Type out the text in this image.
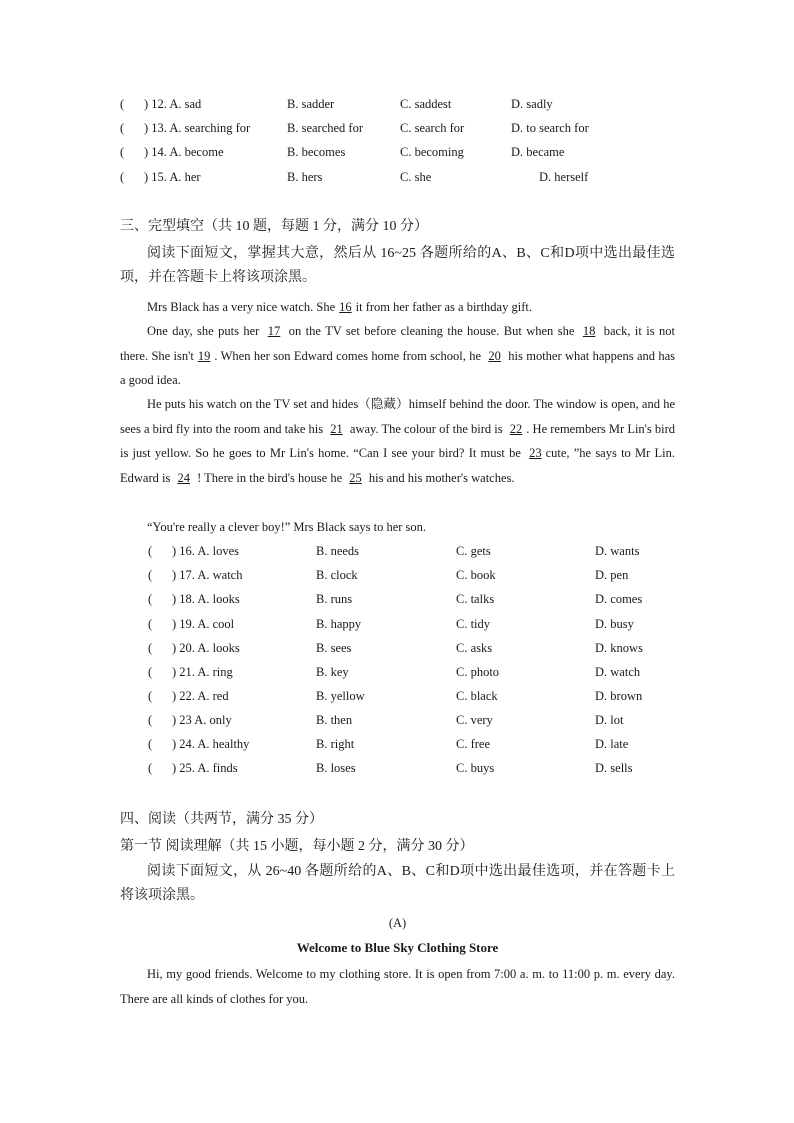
( ) 12. A. sad	B. sadder	C. saddest	D. sadly
( ) 13. A. searching for	B. searched for	C. search for	D. to search for
( ) 14. A. become	B. becomes	C. becoming	D. became
( ) 15. A. her	B. hers	C. she	D. herself
三、完型填空（共 10 题，每题 1 分，满分 10 分）
阅读下面短文，掌握其大意，然后从 16~25 各题所给的A、B、C和D项中选出最佳选项，并在答题卡上将该项涂黑。
Mrs Black has a very nice watch. She 16 it from her father as a birthday gift.
One day, she puts her 17 on the TV set before cleaning the house. But when she 18 back, it is not there. She isn't 19 . When her son Edward comes home from school, he 20 his mother what happens and has a good idea.
He puts his watch on the TV set and hides（隐藏）himself behind the door. The window is open, and he sees a bird fly into the room and take his 21 away. The colour of the bird is 22 . He remembers Mr Lin's bird is just yellow. So he goes to Mr Lin's home. “Can I see your bird? It must be 23 cute, ”he says to Mr Lin. Edward is 24 ! There in the bird's house he 25 his and his mother's watches.
“You're really a clever boy!” Mrs Black says to her son.
( ) 16. A. loves	B. needs	C. gets	D. wants
( ) 17. A. watch	B. clock	C. book	D. pen
( ) 18. A. looks	B. runs	C. talks	D. comes
( ) 19. A. cool	B. happy	C. tidy	D. busy
( ) 20. A. looks	B. sees	C. asks	D. knows
( ) 21. A. ring	B. key	C. photo	D. watch
( ) 22. A. red	B. yellow	C. black	D. brown
( ) 23 A. only	B. then	C. very	D. lot
( ) 24. A. healthy	B. right	C. free	D. late
( ) 25. A. finds	B. loses	C. buys	D. sells
四、阅读（共两节，满分 35 分）
第一节 阅读理解（共 15 小题，每小题 2 分，满分 30 分）
阅读下面短文，从 26~40 各题所给的A、B、C和D项中选出最佳选项，并在答题卡上将该项涂黑。
(A)
Welcome to Blue Sky Clothing Store
Hi, my good friends. Welcome to my clothing store. It is open from 7:00 a. m. to 11:00 p. m. every day. There are all kinds of clothes for you.
